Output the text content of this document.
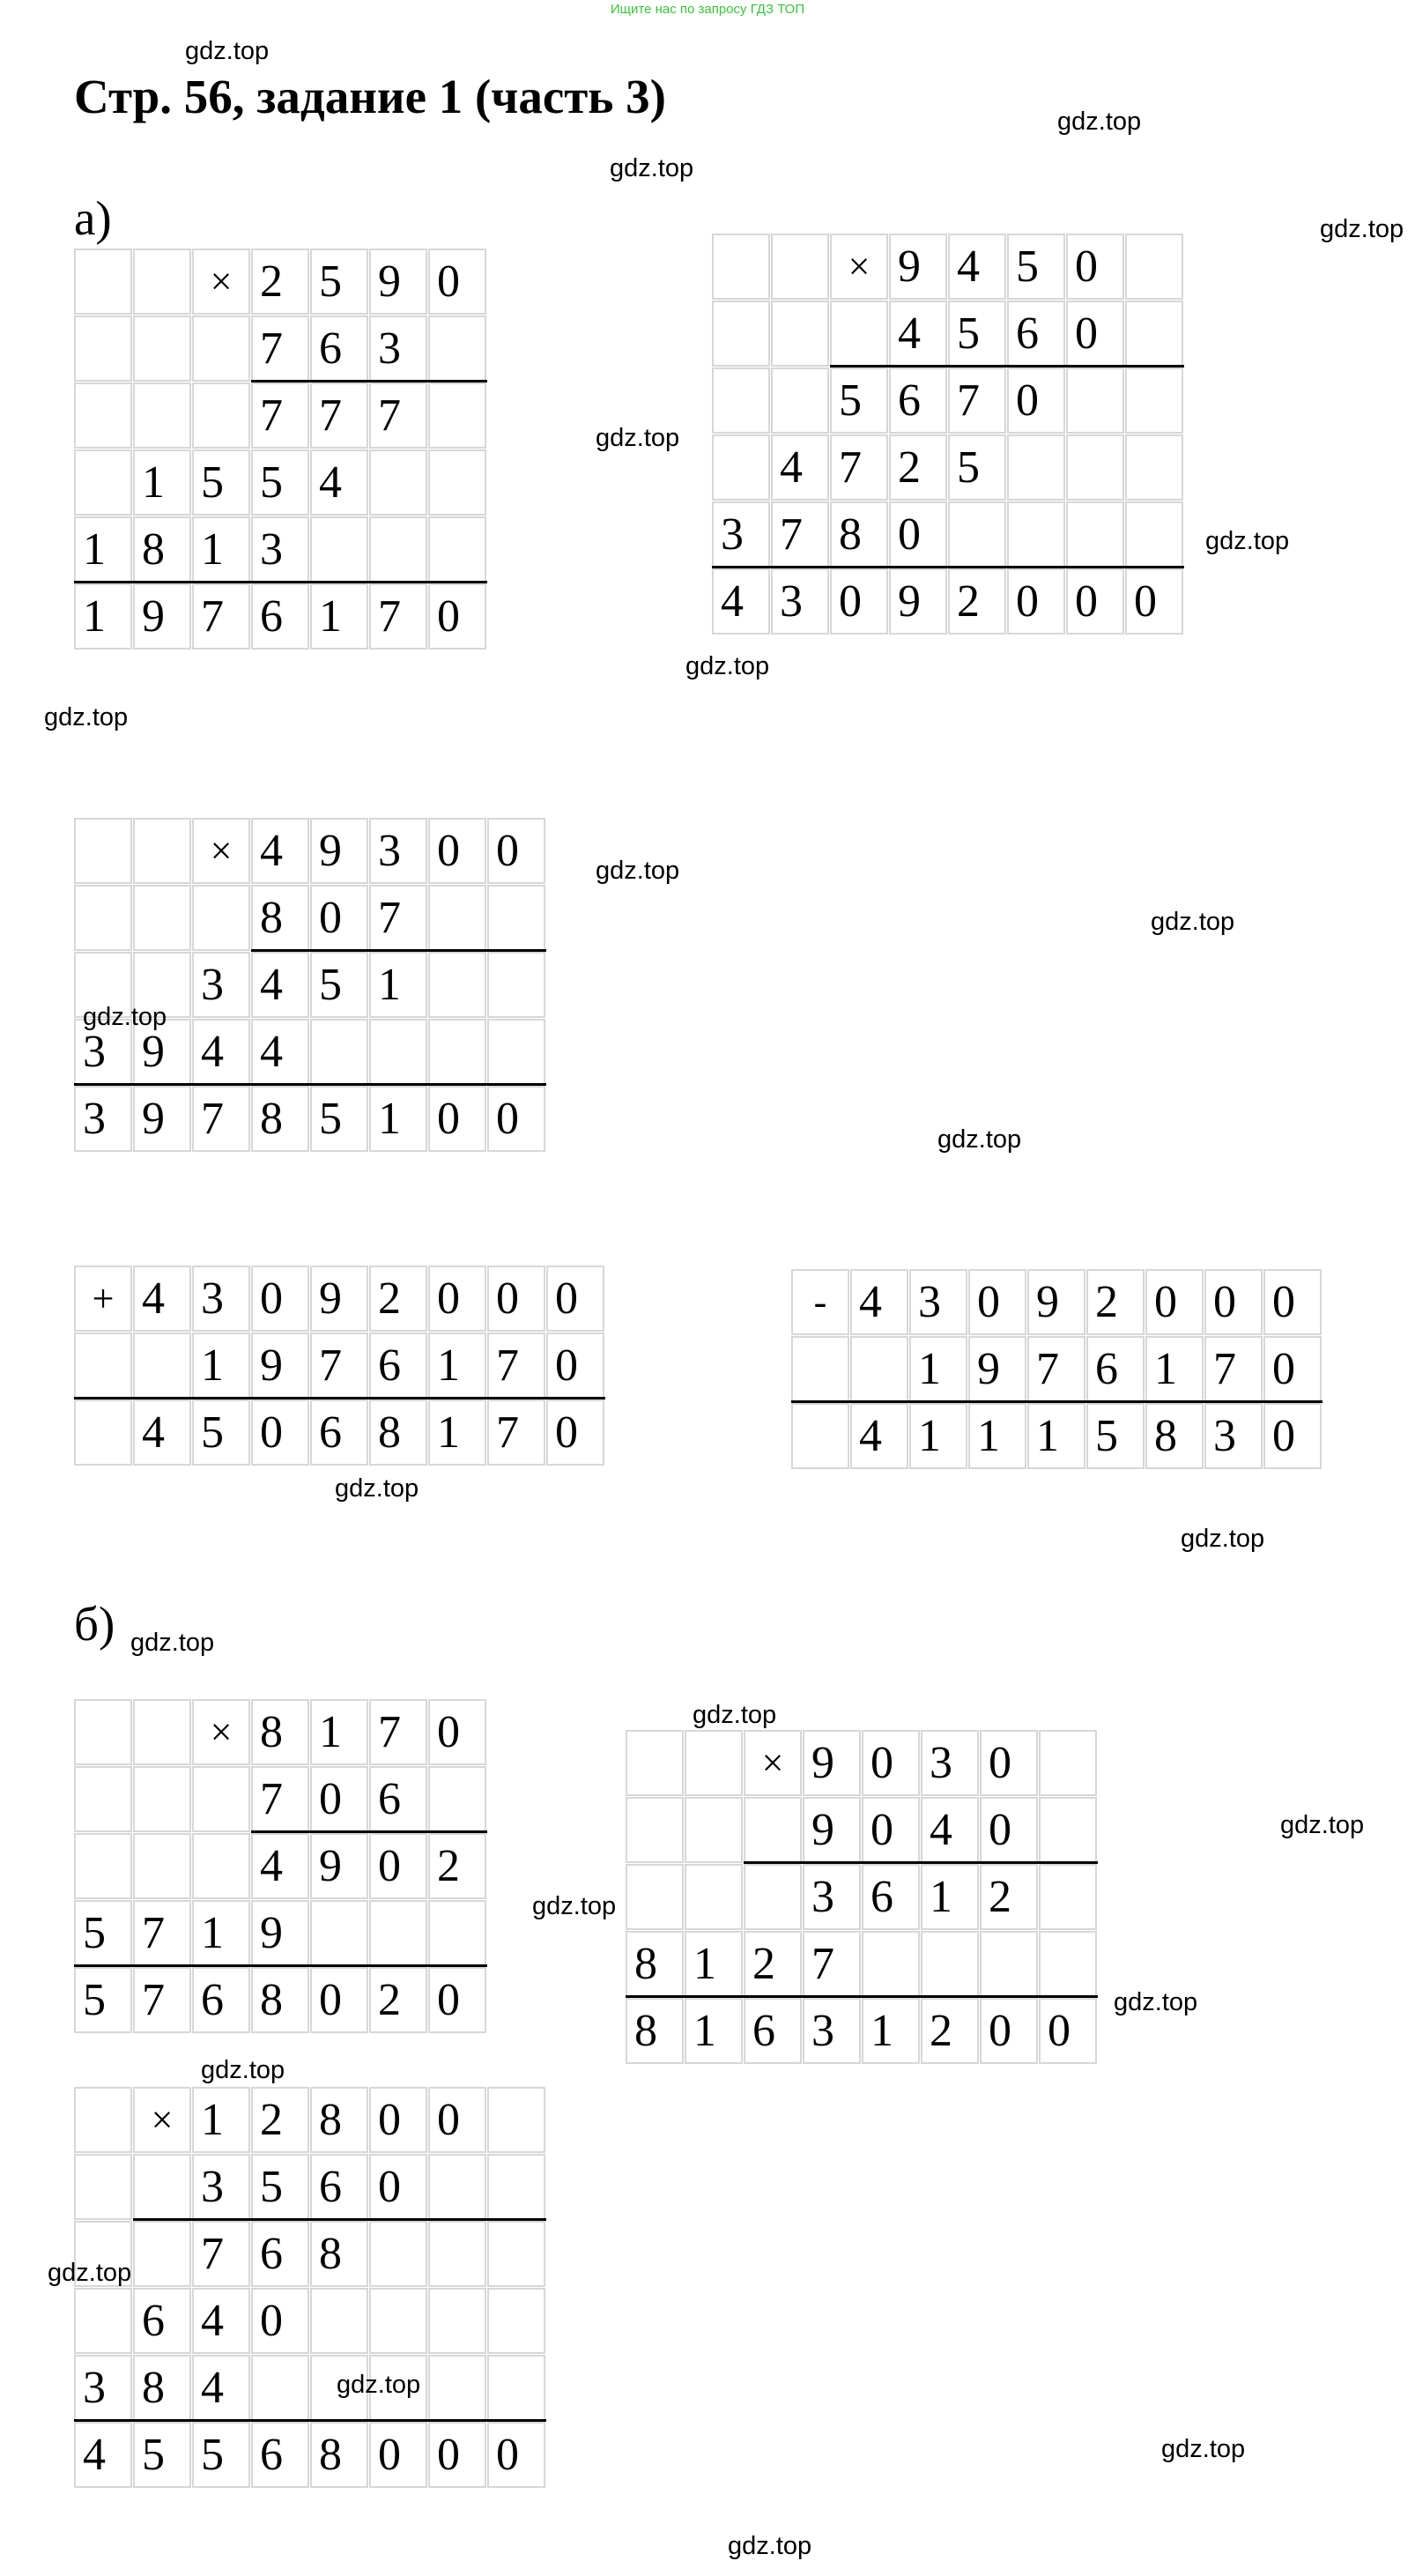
Ищите нас по запросу ГДЗ ТОП
Стр. 56, задание 1 (часть 3)
а)
б)
× 2 5 9 0
7 6 3
7 7 7
1 5 5 4
1 8 1 3
1 9 7 6 1 7 0
× 9 4 5 0
4 5 6 0
5 6 7 0
4 7 2 5
3 7 8 0
4 3 0 9 2 0 0 0
× 4 9 3 0 0
8 0 7
3 4 5 1
3 9 4 4
3 9 7 8 5 1 0 0
+ 4 3 0 9 2 0 0 0
1 9 7 6 1 7 0
4 5 0 6 8 1 7 0
- 4 3 0 9 2 0 0 0
1 9 7 6 1 7 0
4 1 1 1 5 8 3 0
× 8 1 7 0
7 0 6
4 9 0 2
5 7 1 9
5 7 6 8 0 2 0
× 9 0 3 0
9 0 4 0
3 6 1 2
8 1 2 7
8 1 6 3 1 2 0 0
× 1 2 8 0 0
3 5 6 0
7 6 8
6 4 0
3 8 4
4 5 5 6 8 0 0 0
gdz.top
gdz.top
gdz.top
gdz.top
gdz.top
gdz.top
gdz.top
gdz.top
gdz.top
gdz.top
gdz.top
gdz.top
gdz.top
gdz.top
gdz.top
gdz.top
gdz.top
gdz.top
gdz.top
gdz.top
gdz.top
gdz.top
gdz.top
gdz.top
